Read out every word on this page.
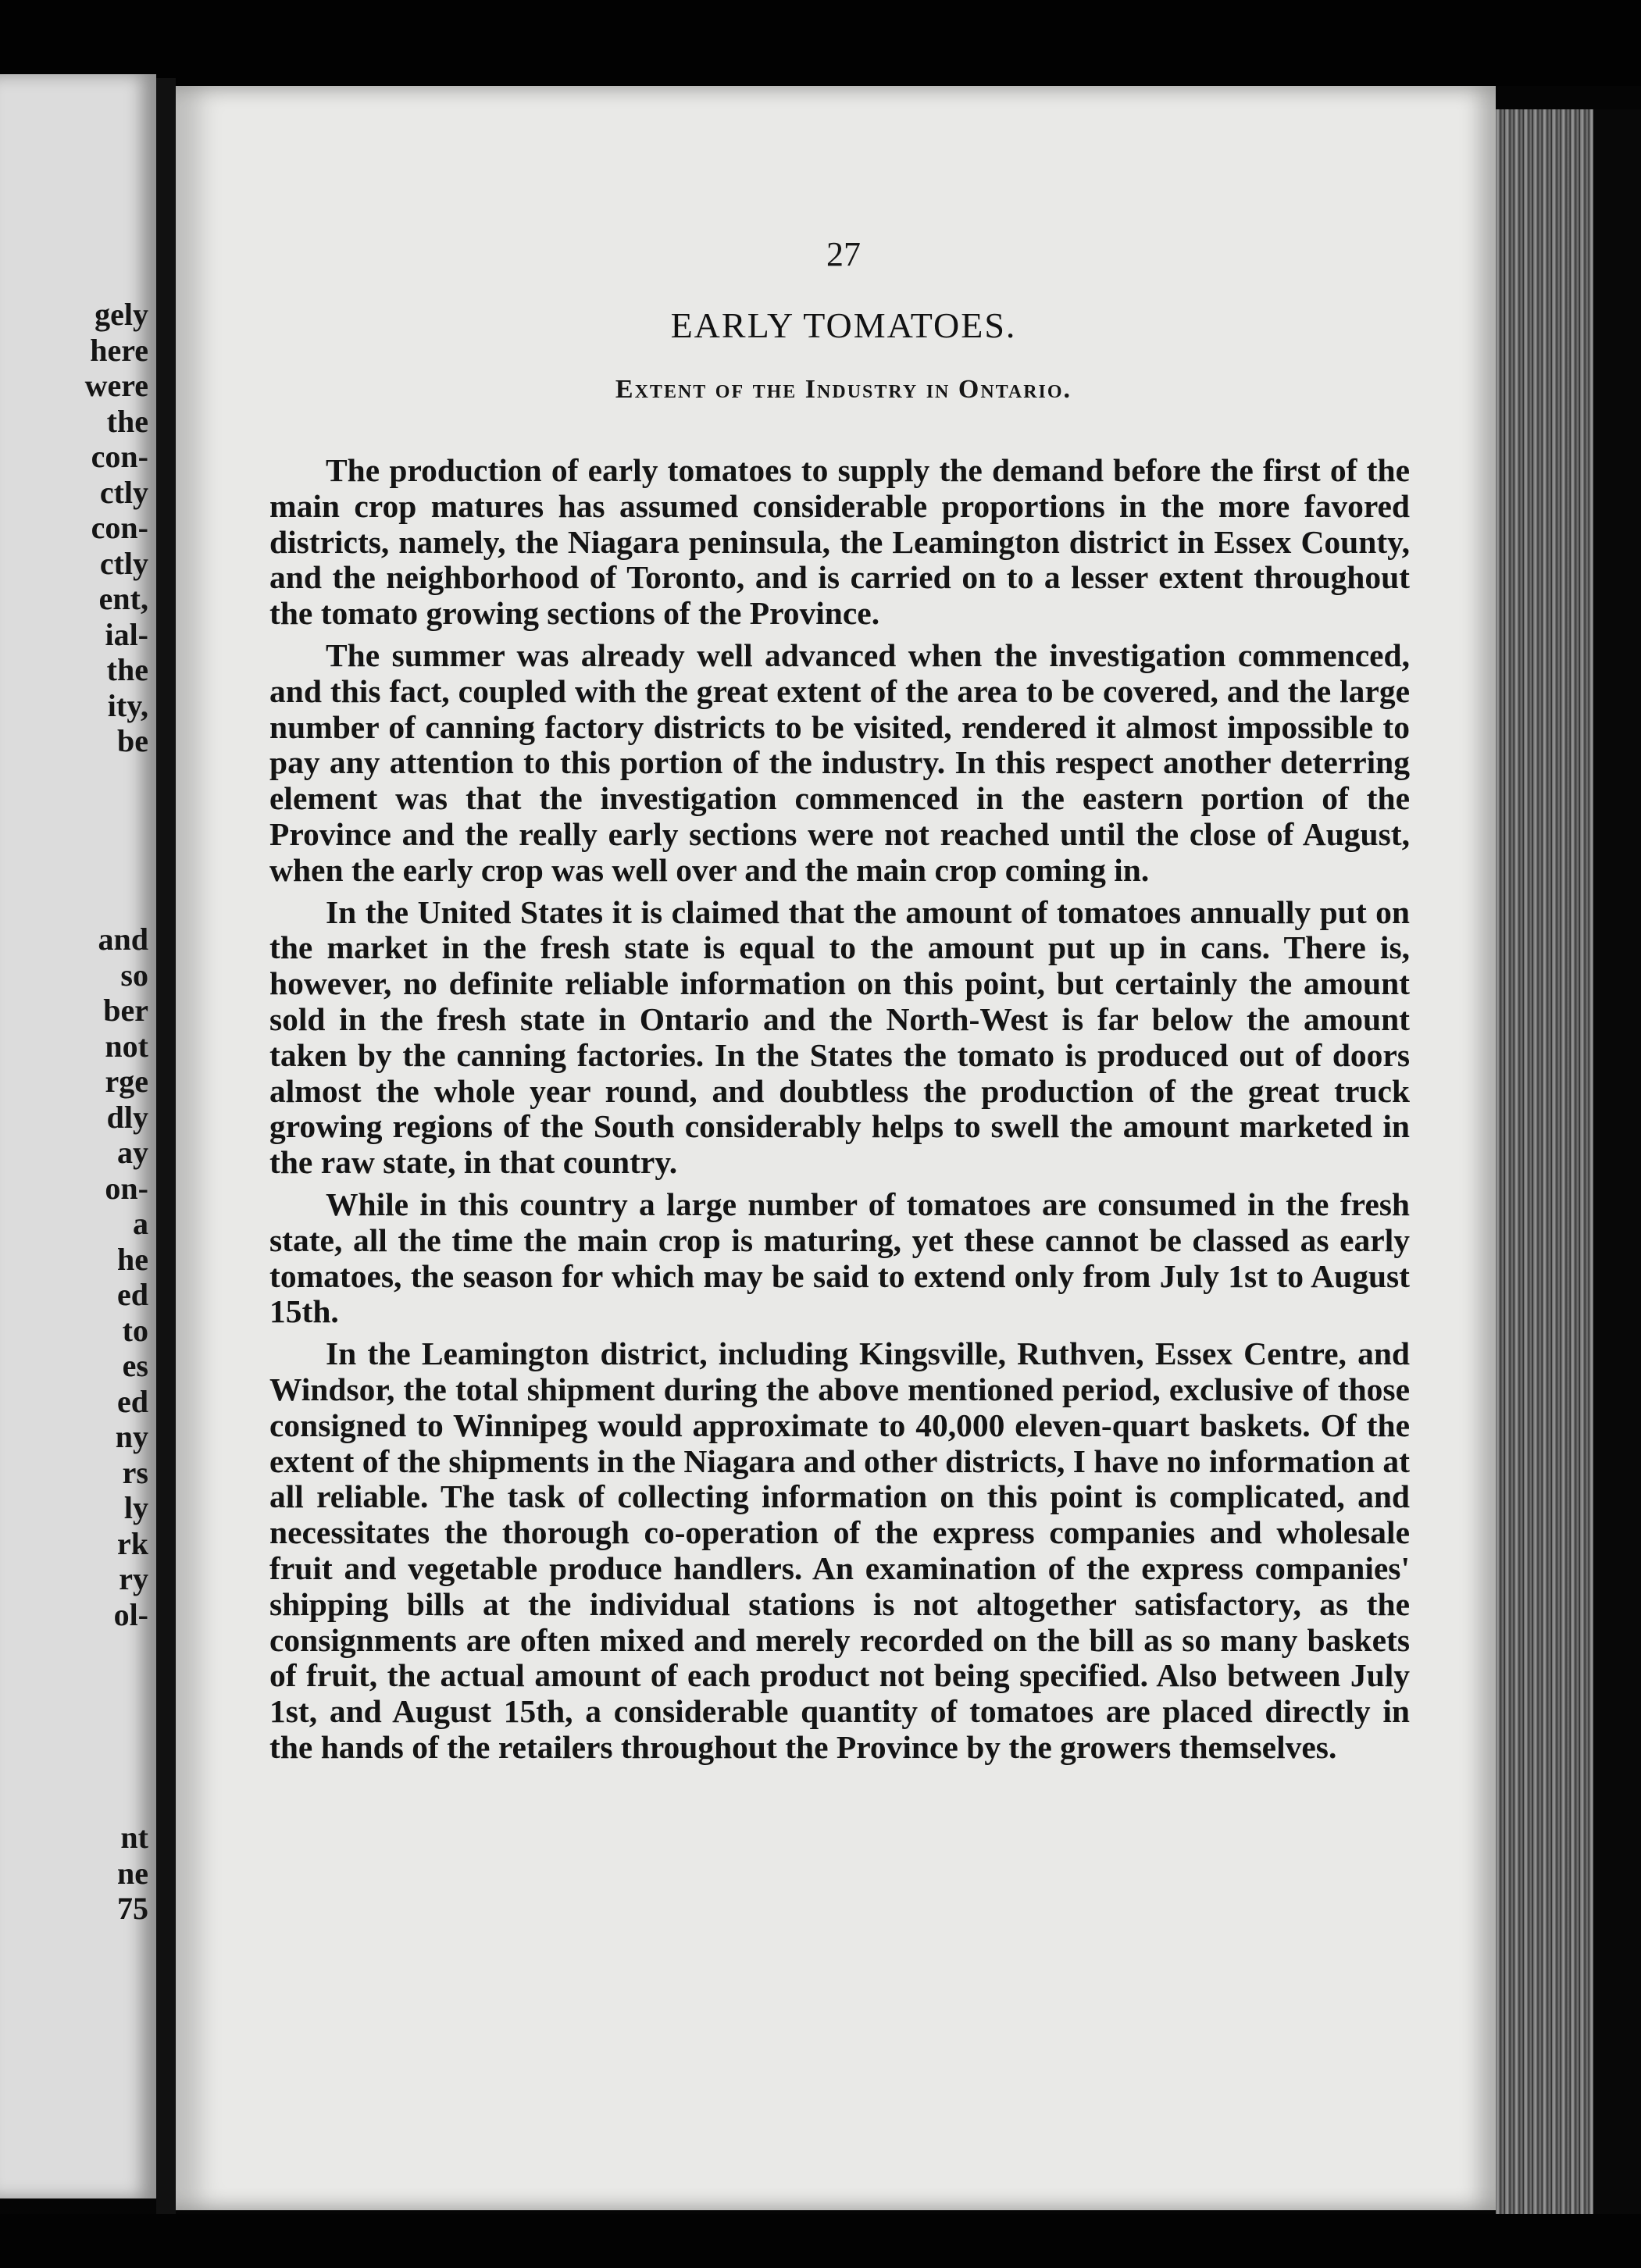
gely
here
were
the
con-
ctly
con-
ctly
ent,
ial-
the
ity,
be
and
so
ber
not
rge
dly
ay
on-
a
he
ed
to
es
ed
ny
rs
ly
rk
ry
ol-
nt
ne
75

27

EARLY TOMATOES.
Extent of the Industry in Ontario.

The production of early tomatoes to supply the demand before the first of the main crop matures has assumed considerable proportions in the more favored districts, namely, the Niagara peninsula, the Leamington district in Essex County, and the neighborhood of Toronto, and is carried on to a lesser extent throughout the tomato growing sections of the Province.

The summer was already well advanced when the investigation commenced, and this fact, coupled with the great extent of the area to be covered, and the large number of canning factory districts to be visited, rendered it almost impossible to pay any attention to this portion of the industry. In this respect another deterring element was that the investigation commenced in the eastern portion of the Province and the really early sections were not reached until the close of August, when the early crop was well over and the main crop coming in.

In the United States it is claimed that the amount of tomatoes annually put on the market in the fresh state is equal to the amount put up in cans. There is, however, no definite reliable information on this point, but certainly the amount sold in the fresh state in Ontario and the North-West is far below the amount taken by the canning factories. In the States the tomato is produced out of doors almost the whole year round, and doubtless the production of the great truck growing regions of the South considerably helps to swell the amount marketed in the raw state, in that country.

While in this country a large number of tomatoes are consumed in the fresh state, all the time the main crop is maturing, yet these cannot be classed as early tomatoes, the season for which may be said to extend only from July 1st to August 15th.

In the Leamington district, including Kingsville, Ruthven, Essex Centre, and Windsor, the total shipment during the above mentioned period, exclusive of those consigned to Winnipeg would approximate to 40,000 eleven-quart baskets. Of the extent of the shipments in the Niagara and other districts, I have no information at all reliable. The task of collecting information on this point is complicated, and necessitates the thorough co-operation of the express companies and wholesale fruit and vegetable produce handlers. An examination of the express companies' shipping bills at the individual stations is not altogether satisfactory, as the consignments are often mixed and merely recorded on the bill as so many baskets of fruit, the actual amount of each product not being specified. Also between July 1st, and August 15th, a considerable quantity of tomatoes are placed directly in the hands of the retailers throughout the Province by the growers themselves.
